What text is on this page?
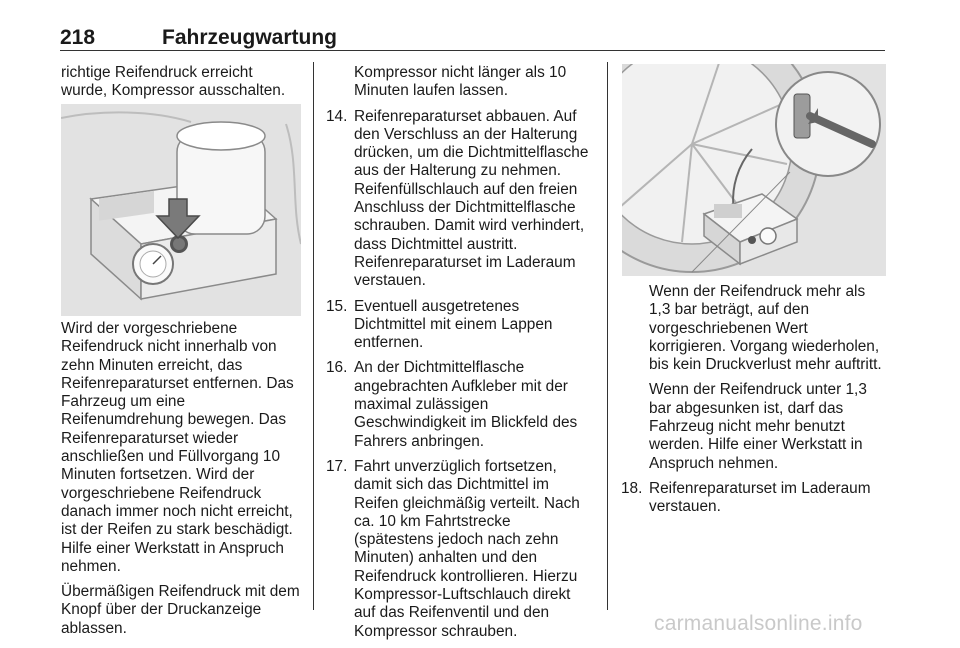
218	Fahrzeugwartung

richtige Reifendruck erreicht wurde, Kompressor ausschalten.

Wird der vorgeschriebene Reifendruck nicht innerhalb von zehn Minuten erreicht, das Reifenreparaturset entfernen. Das Fahrzeug um eine Reifenumdrehung bewegen. Das Reifenreparaturset wieder anschließen und Füllvorgang 10 Minuten fortsetzen. Wird der vorgeschriebene Reifendruck danach immer noch nicht erreicht, ist der Reifen zu stark beschädigt. Hilfe einer Werkstatt in Anspruch nehmen.

Übermäßigen Reifendruck mit dem Knopf über der Druckanzeige ablassen.

Kompressor nicht länger als 10 Minuten laufen lassen.

14. Reifenreparaturset abbauen. Auf den Verschluss an der Halterung drücken, um die Dichtmittelflasche aus der Halterung zu nehmen. Reifenfüllschlauch auf den freien Anschluss der Dichtmittelflasche schrauben. Damit wird verhindert, dass Dichtmittel austritt. Reifenreparaturset im Laderaum verstauen.
15. Eventuell ausgetretenes Dichtmittel mit einem Lappen entfernen.
16. An der Dichtmittelflasche angebrachten Aufkleber mit der maximal zulässigen Geschwindigkeit im Blickfeld des Fahrers anbringen.
17. Fahrt unverzüglich fortsetzen, damit sich das Dichtmittel im Reifen gleichmäßig verteilt. Nach ca. 10 km Fahrtstrecke (spätestens jedoch nach zehn Minuten) anhalten und den Reifendruck kontrollieren. Hierzu Kompressor-Luftschlauch direkt auf das Reifenventil und den Kompressor schrauben.

Wenn der Reifendruck mehr als 1,3 bar beträgt, auf den vorgeschriebenen Wert korrigieren. Vorgang wiederholen, bis kein Druckverlust mehr auftritt.

Wenn der Reifendruck unter 1,3 bar abgesunken ist, darf das Fahrzeug nicht mehr benutzt werden. Hilfe einer Werkstatt in Anspruch nehmen.

18. Reifenreparaturset im Laderaum verstauen.
carmanualsonline.info
